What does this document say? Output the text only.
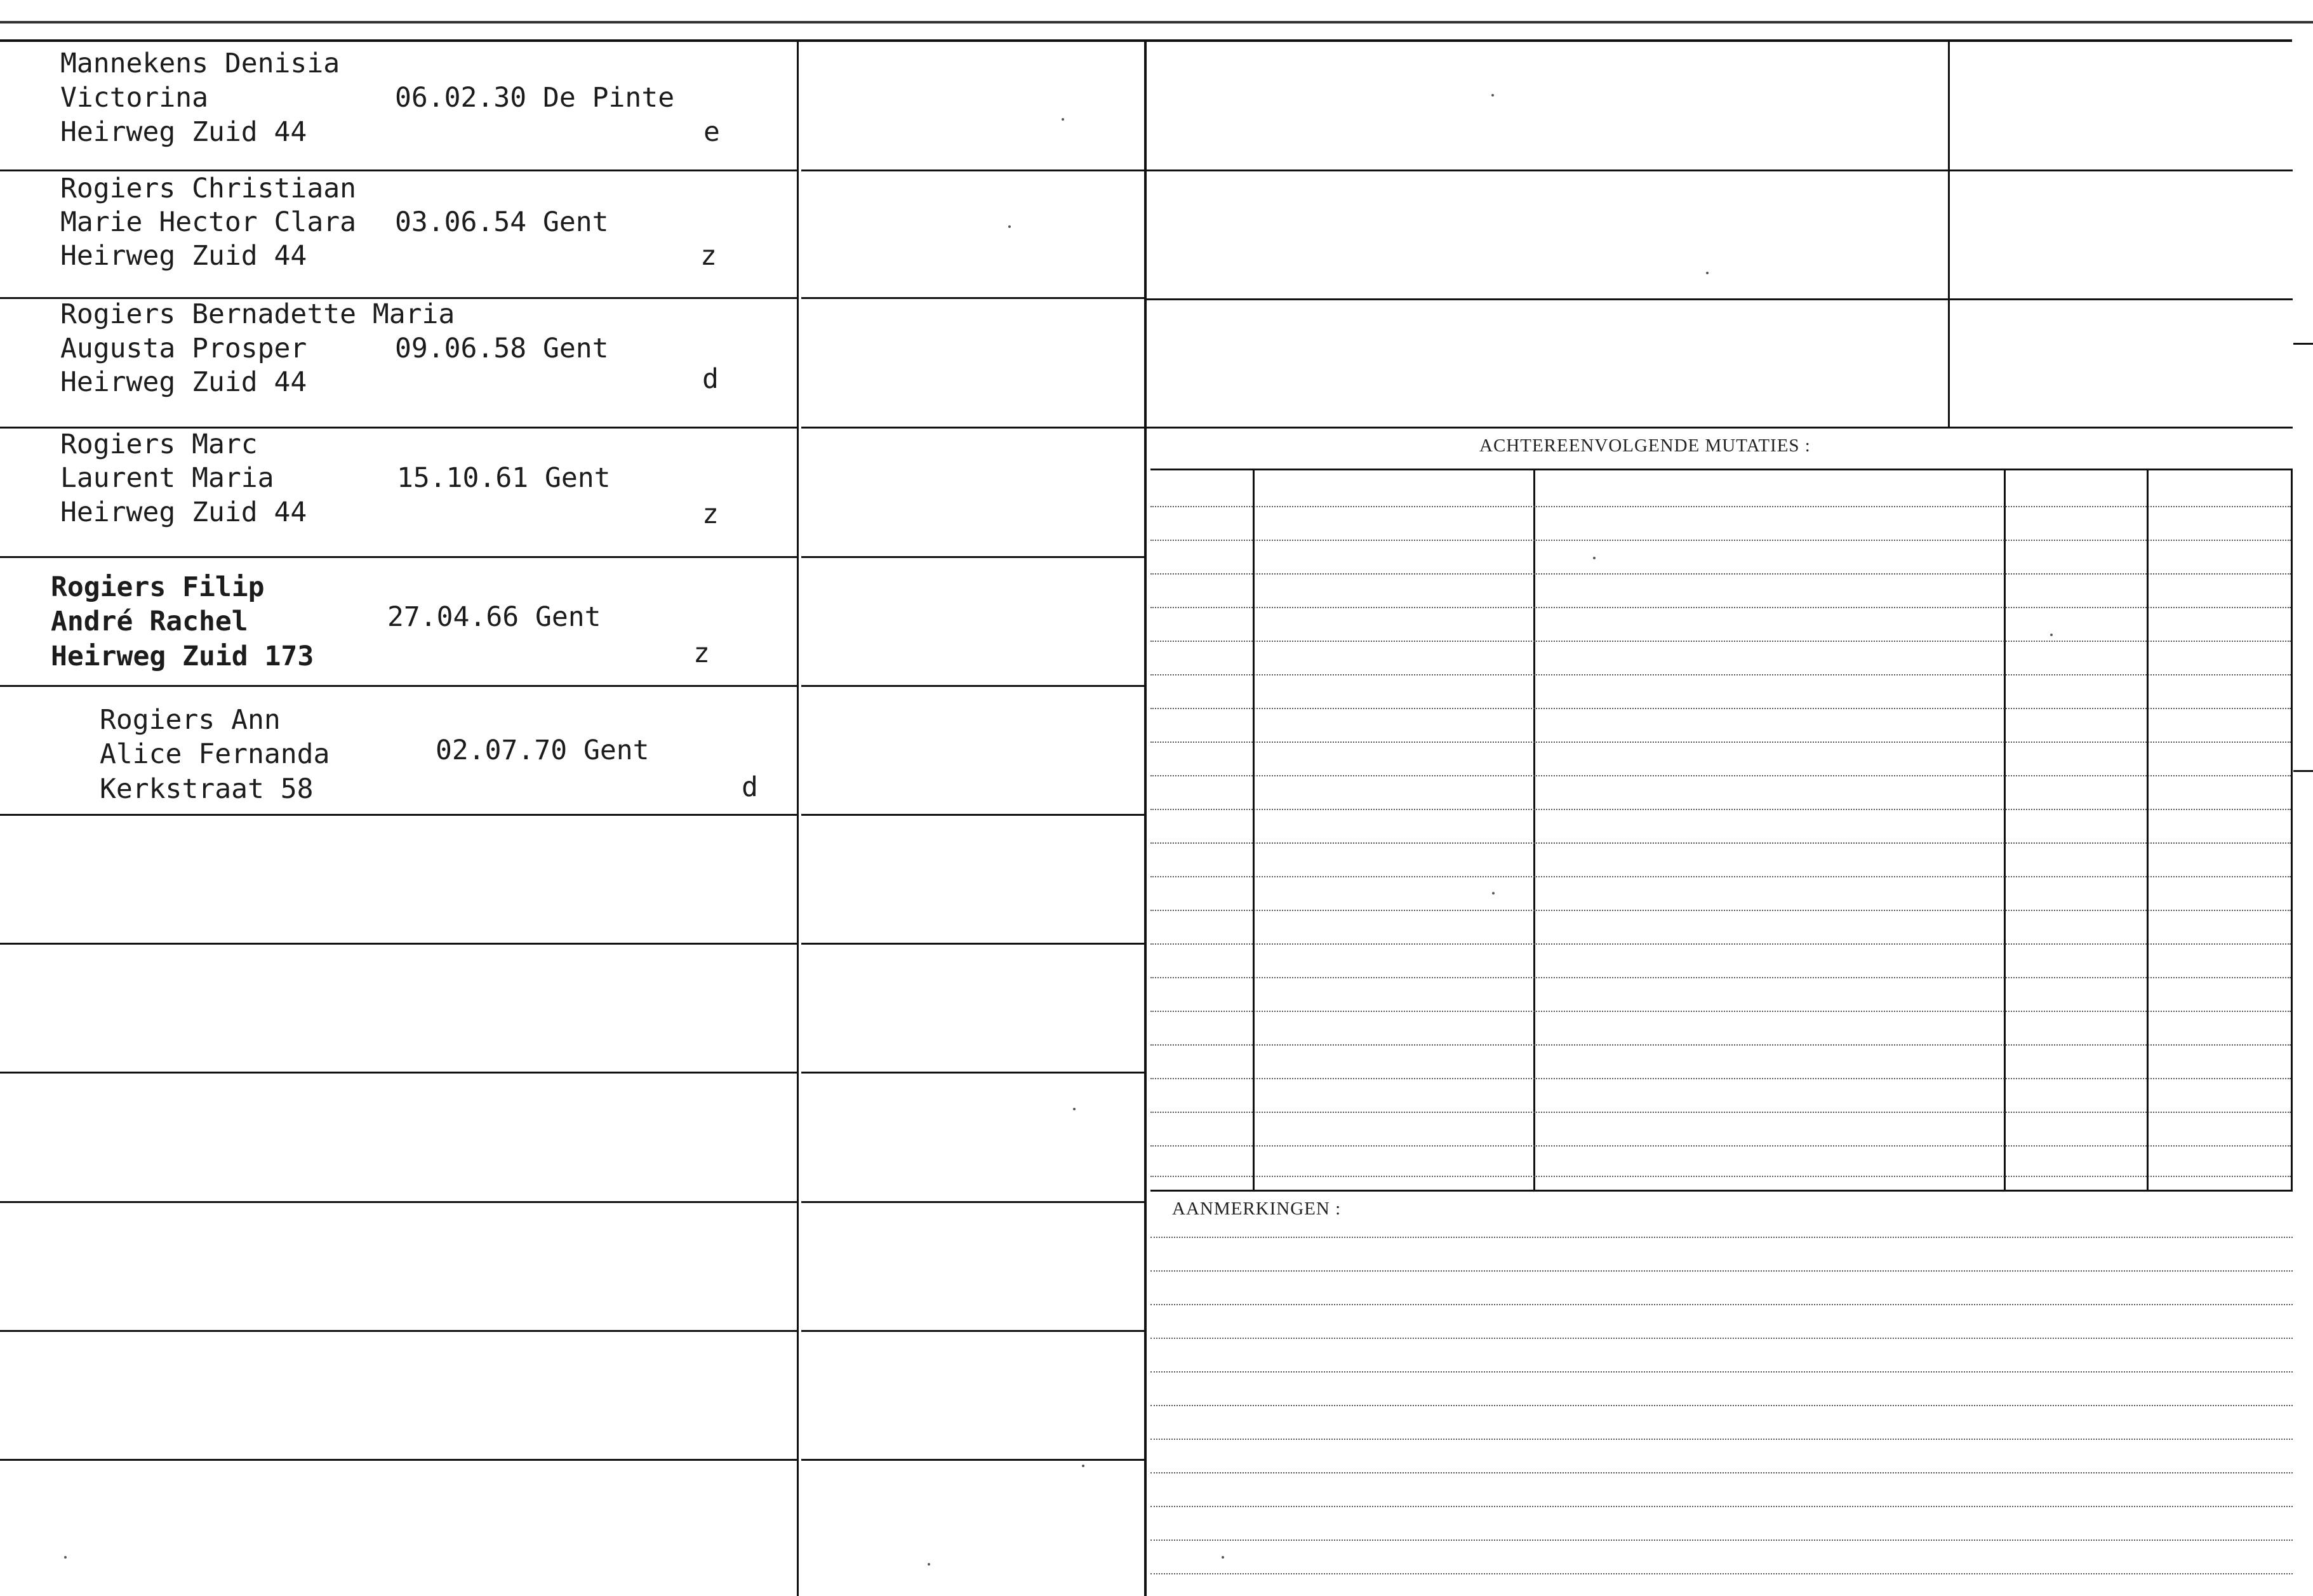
ACHTEREENVOLGENDE MUTATIES :
AANMERKINGEN :
Mannekens Denisia
Victorina
Heirweg Zuid 44
06.02.30 De Pinte
e
Rogiers Christiaan
Marie Hector Clara
Heirweg Zuid 44
03.06.54 Gent
z
Rogiers Bernadette Maria
Augusta Prosper
Heirweg Zuid 44
09.06.58 Gent
d
Rogiers Marc
Laurent Maria
Heirweg Zuid 44
15.10.61 Gent
z
Rogiers Filip
André Rachel
Heirweg Zuid 173
27.04.66 Gent
z
Rogiers Ann
Alice Fernanda
Kerkstraat 58
02.07.70 Gent
d
